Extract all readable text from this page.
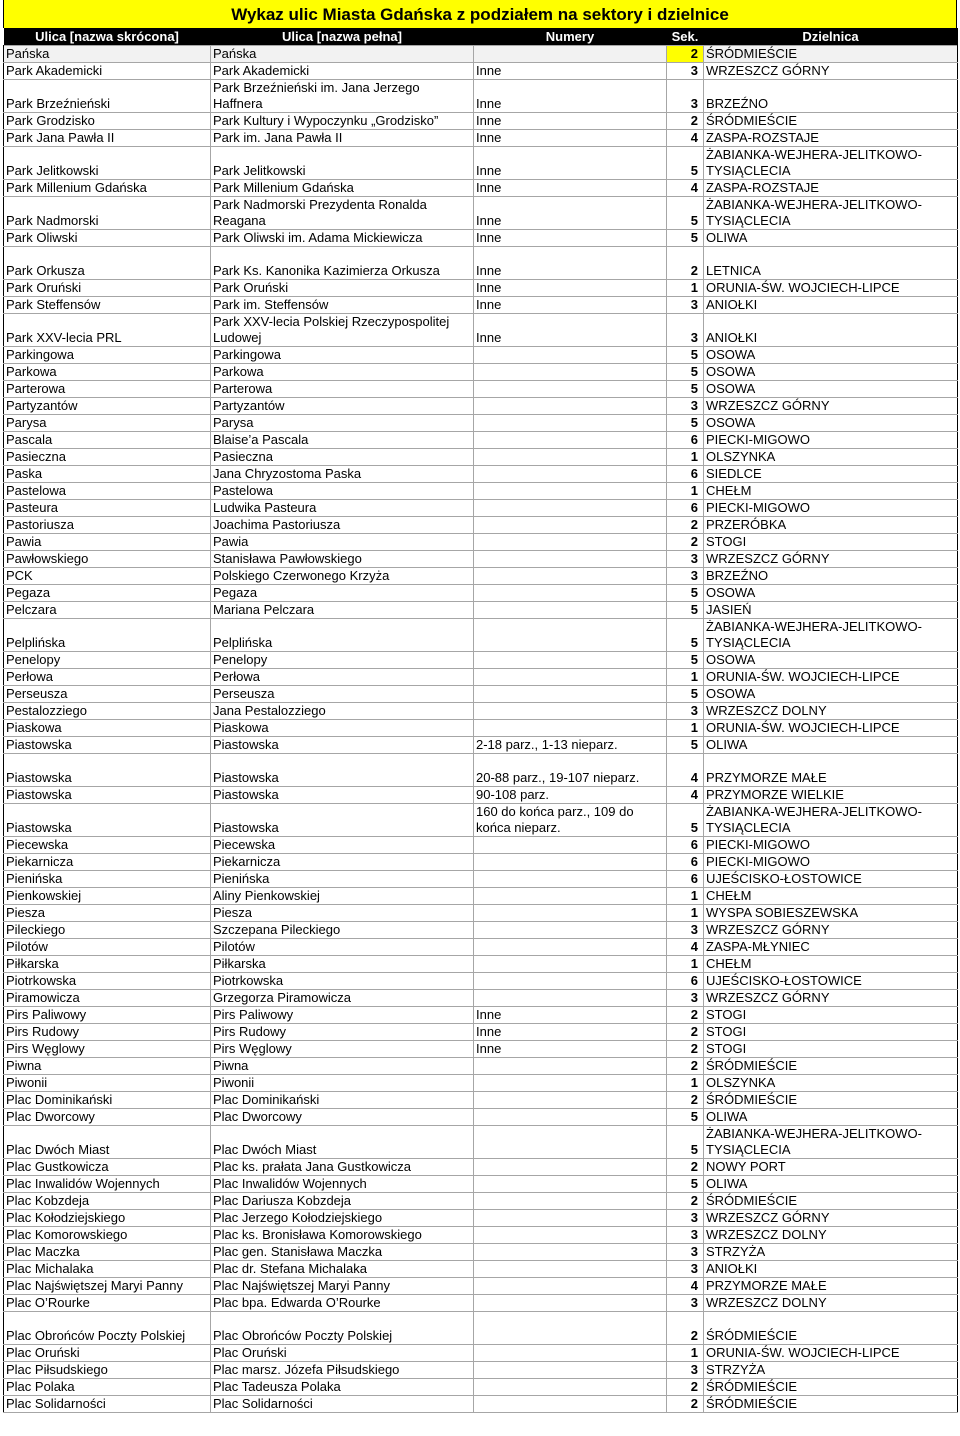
Wykaz ulic Miasta Gdańska z podziałem na sektory i dzielnice
Ulica [nazwa skrócona]	Ulica [nazwa pełna]	Numery	Sek.	Dzielnica
Pańska	Pańska		2	ŚRÓDMIEŚCIE
Park Akademicki	Park Akademicki	Inne	3	WRZESZCZ GÓRNY
Park Brzeźnieński	Park Brzeźnieński im. Jana Jerzego Haffnera	Inne	3	BRZEŹNO
Park Grodzisko	Park Kultury i Wypoczynku „Grodzisko”	Inne	2	ŚRÓDMIEŚCIE
Park Jana Pawła II	Park im. Jana Pawła II	Inne	4	ZASPA-ROZSTAJE
Park Jelitkowski	Park Jelitkowski	Inne	5	ŻABIANKA-WEJHERA-JELITKOWO-TYSIĄCLECIA
Park Millenium Gdańska	Park Millenium Gdańska	Inne	4	ZASPA-ROZSTAJE
Park Nadmorski	Park Nadmorski Prezydenta Ronalda Reagana	Inne	5	ŻABIANKA-WEJHERA-JELITKOWO-TYSIĄCLECIA
Park Oliwski	Park Oliwski im. Adama Mickiewicza	Inne	5	OLIWA
Park Orkusza	Park Ks. Kanonika Kazimierza Orkusza	Inne	2	LETNICA
Park Oruński	Park Oruński	Inne	1	ORUNIA-ŚW. WOJCIECH-LIPCE
Park Steffensów	Park im. Steffensów	Inne	3	ANIOŁKI
Park XXV-lecia PRL	Park XXV-lecia Polskiej Rzeczypospolitej Ludowej	Inne	3	ANIOŁKI
Parkingowa	Parkingowa		5	OSOWA
Parkowa	Parkowa		5	OSOWA
Parterowa	Parterowa		5	OSOWA
Partyzantów	Partyzantów		3	WRZESZCZ GÓRNY
Parysa	Parysa		5	OSOWA
Pascala	Blaise’a Pascala		6	PIECKI-MIGOWO
Pasieczna	Pasieczna		1	OLSZYNKA
Paska	Jana Chryzostoma Paska		6	SIEDLCE
Pastelowa	Pastelowa		1	CHEŁM
Pasteura	Ludwika Pasteura		6	PIECKI-MIGOWO
Pastoriusza	Joachima Pastoriusza		2	PRZERÓBKA
Pawia	Pawia		2	STOGI
Pawłowskiego	Stanisława Pawłowskiego		3	WRZESZCZ GÓRNY
PCK	Polskiego Czerwonego Krzyża		3	BRZEŹNO
Pegaza	Pegaza		5	OSOWA
Pelczara	Mariana Pelczara		5	JASIEŃ
Pelplińska	Pelplińska		5	ŻABIANKA-WEJHERA-JELITKOWO-TYSIĄCLECIA
Penelopy	Penelopy		5	OSOWA
Perłowa	Perłowa		1	ORUNIA-ŚW. WOJCIECH-LIPCE
Perseusza	Perseusza		5	OSOWA
Pestalozziego	Jana Pestalozziego		3	WRZESZCZ DOLNY
Piaskowa	Piaskowa		1	ORUNIA-ŚW. WOJCIECH-LIPCE
Piastowska	Piastowska	2-18 parz., 1-13 nieparz.	5	OLIWA
Piastowska	Piastowska	20-88 parz., 19-107 nieparz.	4	PRZYMORZE MAŁE
Piastowska	Piastowska	90-108 parz.	4	PRZYMORZE WIELKIE
Piastowska	Piastowska	160 do końca parz., 109 do końca nieparz.	5	ŻABIANKA-WEJHERA-JELITKOWO-TYSIĄCLECIA
Piecewska	Piecewska		6	PIECKI-MIGOWO
Piekarnicza	Piekarnicza		6	PIECKI-MIGOWO
Pienińska	Pienińska		6	UJEŚCISKO-ŁOSTOWICE
Pienkowskiej	Aliny Pienkowskiej		1	CHEŁM
Piesza	Piesza		1	WYSPA SOBIESZEWSKA
Pileckiego	Szczepana Pileckiego		3	WRZESZCZ GÓRNY
Pilotów	Pilotów		4	ZASPA-MŁYNIEC
Piłkarska	Piłkarska		1	CHEŁM
Piotrkowska	Piotrkowska		6	UJEŚCISKO-ŁOSTOWICE
Piramowicza	Grzegorza Piramowicza		3	WRZESZCZ GÓRNY
Pirs Paliwowy	Pirs Paliwowy	Inne	2	STOGI
Pirs Rudowy	Pirs Rudowy	Inne	2	STOGI
Pirs Węglowy	Pirs Węglowy	Inne	2	STOGI
Piwna	Piwna		2	ŚRÓDMIEŚCIE
Piwonii	Piwonii		1	OLSZYNKA
Plac Dominikański	Plac Dominikański		2	ŚRÓDMIEŚCIE
Plac Dworcowy	Plac Dworcowy		5	OLIWA
Plac Dwóch Miast	Plac Dwóch Miast		5	ŻABIANKA-WEJHERA-JELITKOWO-TYSIĄCLECIA
Plac Gustkowicza	Plac ks. prałata Jana Gustkowicza		2	NOWY PORT
Plac Inwalidów Wojennych	Plac Inwalidów Wojennych		5	OLIWA
Plac Kobzdeja	Plac Dariusza Kobzdeja		2	ŚRÓDMIEŚCIE
Plac Kołodziejskiego	Plac Jerzego Kołodziejskiego		3	WRZESZCZ GÓRNY
Plac Komorowskiego	Plac ks. Bronisława Komorowskiego		3	WRZESZCZ DOLNY
Plac Maczka	Plac gen. Stanisława Maczka		3	STRZYŻA
Plac Michalaka	Plac dr. Stefana Michalaka		3	ANIOŁKI
Plac Najświętszej Maryi Panny	Plac Najświętszej Maryi Panny		4	PRZYMORZE MAŁE
Plac O’Rourke	Plac bpa. Edwarda O’Rourke		3	WRZESZCZ DOLNY
Plac Obrońców Poczty Polskiej	Plac Obrońców Poczty Polskiej		2	ŚRÓDMIEŚCIE
Plac Oruński	Plac Oruński		1	ORUNIA-ŚW. WOJCIECH-LIPCE
Plac Piłsudskiego	Plac marsz. Józefa Piłsudskiego		3	STRZYŻA
Plac Polaka	Plac Tadeusza Polaka		2	ŚRÓDMIEŚCIE
Plac Solidarności	Plac Solidarności		2	ŚRÓDMIEŚCIE
